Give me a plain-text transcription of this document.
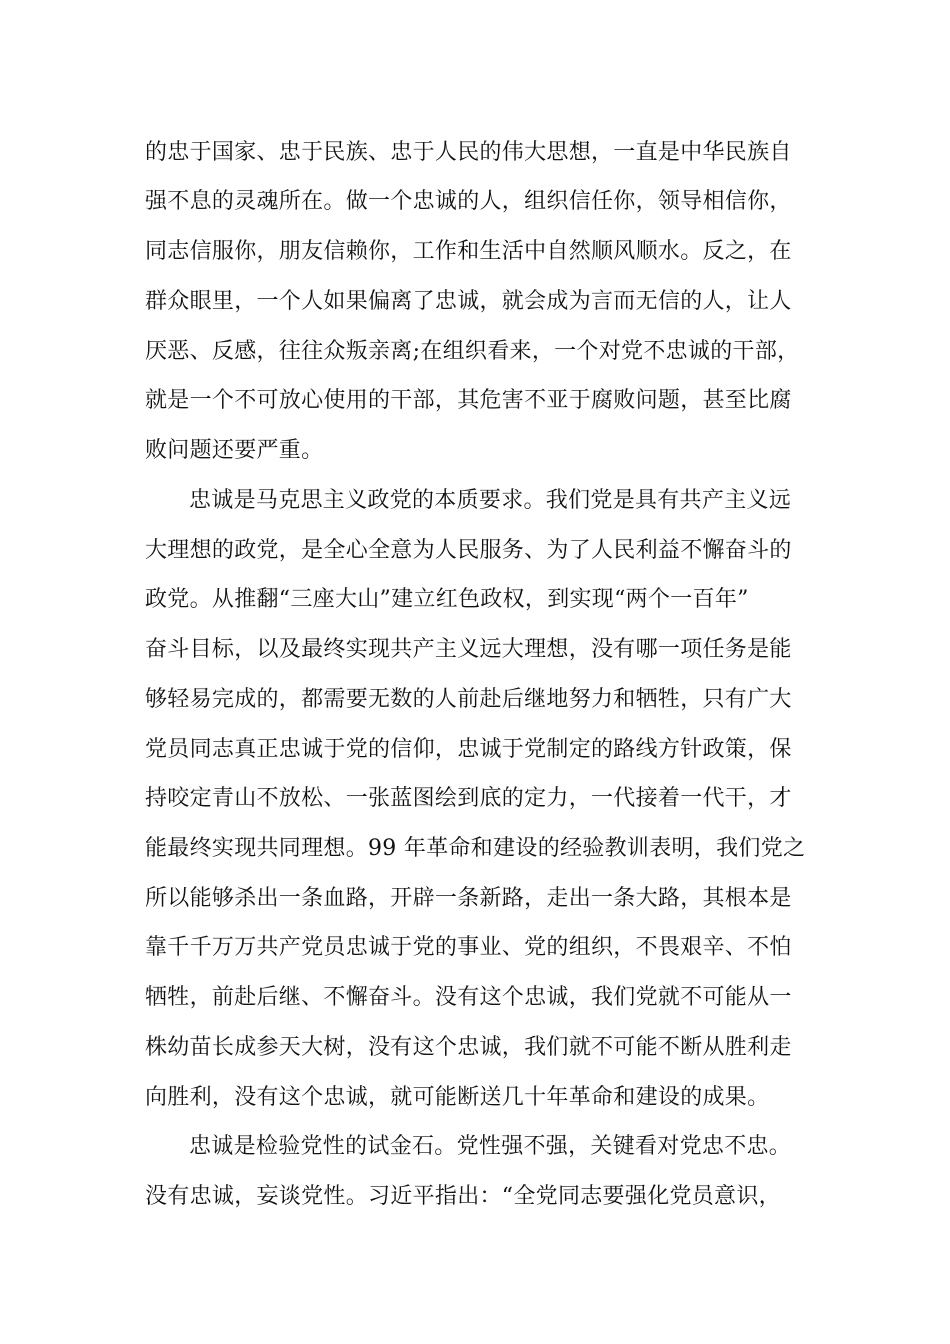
的忠于国家、忠于民族、忠于人民的伟大思想，一直是中华民族自
强不息的灵魂所在。做一个忠诚的人，组织信任你，领导相信你，
同志信服你，朋友信赖你，工作和生活中自然顺风顺水。反之，在
群众眼里，一个人如果偏离了忠诚，就会成为言而无信的人，让人
厌恶、反感，往往众叛亲离;在组织看来，一个对党不忠诚的干部，
就是一个不可放心使用的干部，其危害不亚于腐败问题，甚至比腐
败问题还要严重。
忠诚是马克思主义政党的本质要求。我们党是具有共产主义远
大理想的政党，是全心全意为人民服务、为了人民利益不懈奋斗的
政党。从推翻“三座大山”建立红色政权，到实现“两个一百年”
奋斗目标，以及最终实现共产主义远大理想，没有哪一项任务是能
够轻易完成的，都需要无数的人前赴后继地努力和牺牲，只有广大
党员同志真正忠诚于党的信仰，忠诚于党制定的路线方针政策，保
持咬定青山不放松、一张蓝图绘到底的定力，一代接着一代干，才
能最终实现共同理想。99 年革命和建设的经验教训表明，我们党之
所以能够杀出一条血路，开辟一条新路，走出一条大路，其根本是
靠千千万万共产党员忠诚于党的事业、党的组织，不畏艰辛、不怕
牺牲，前赴后继、不懈奋斗。没有这个忠诚，我们党就不可能从一
株幼苗长成参天大树，没有这个忠诚，我们就不可能不断从胜利走
向胜利，没有这个忠诚，就可能断送几十年革命和建设的成果。
忠诚是检验党性的试金石。党性强不强，关键看对党忠不忠。
没有忠诚，妄谈党性。习近平指出：“全党同志要强化党员意识，
